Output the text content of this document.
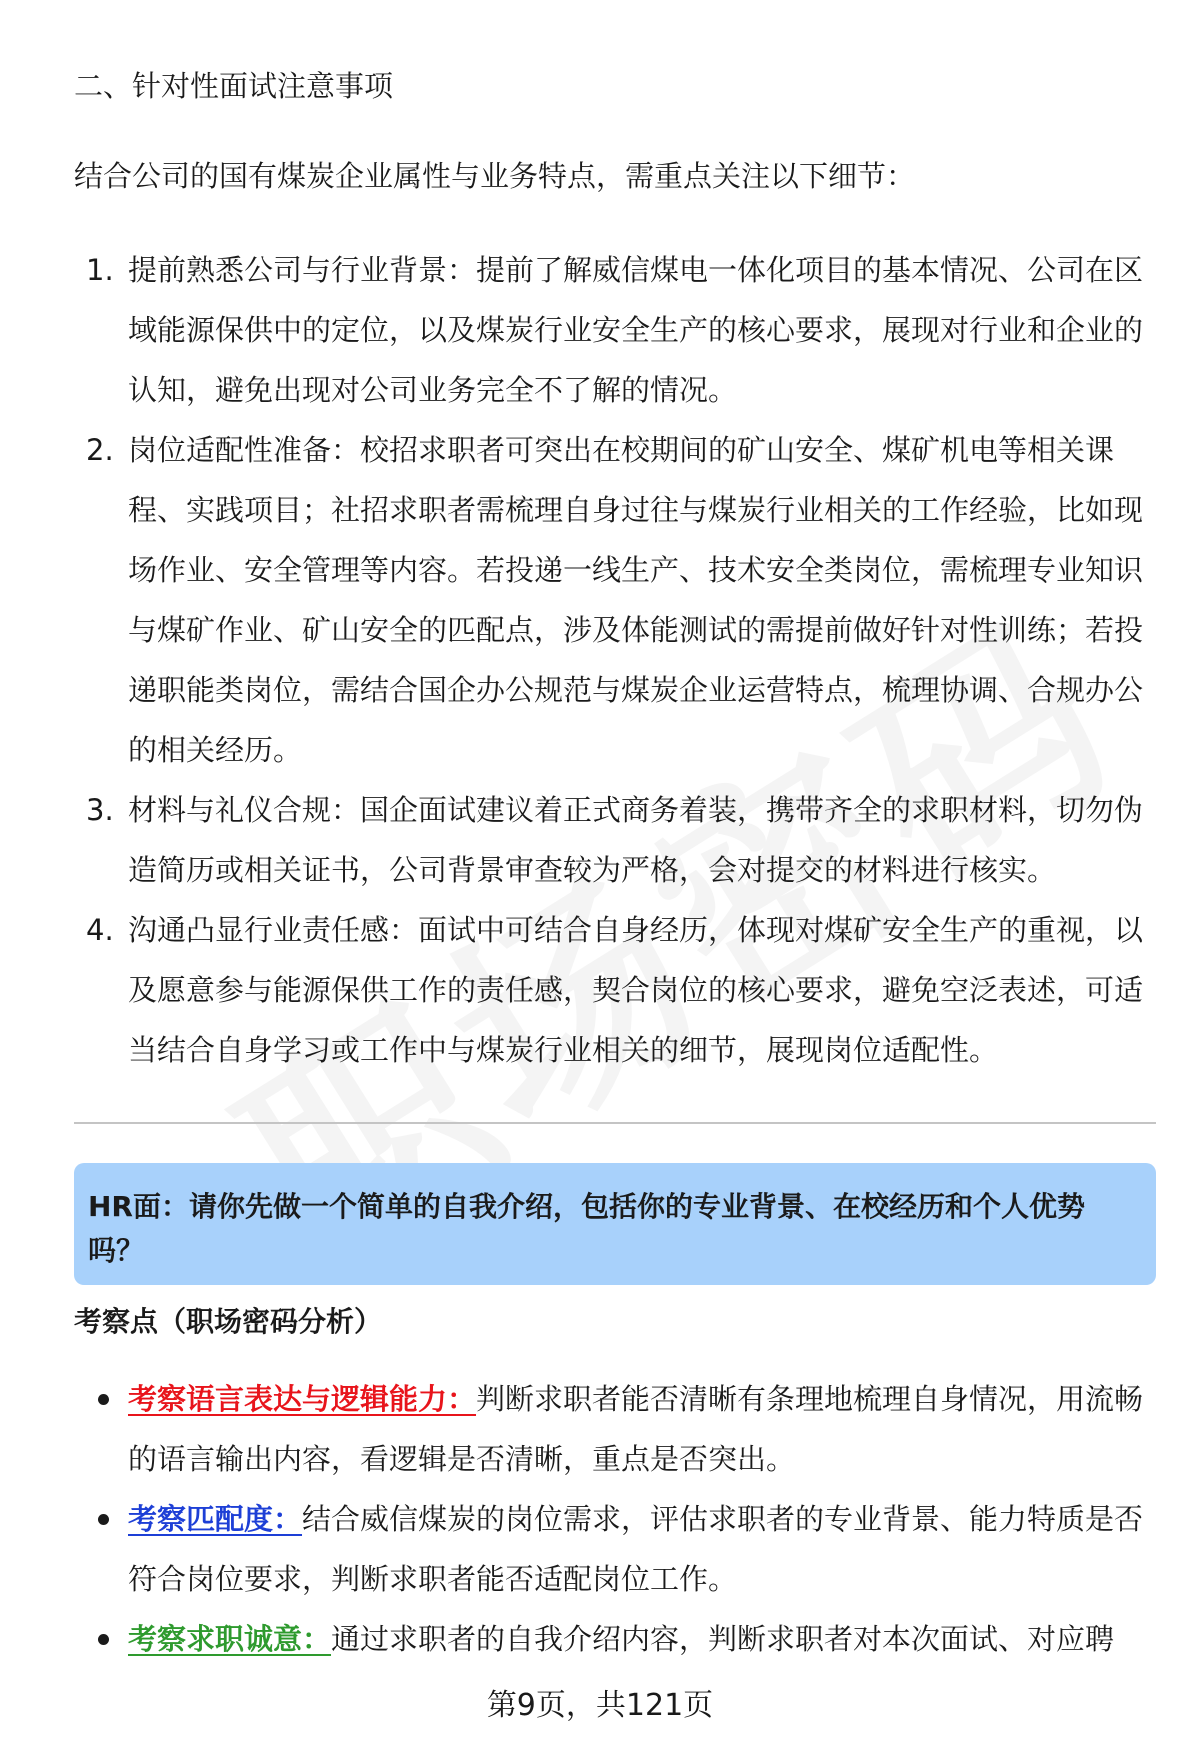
二、针对性面试注意事项
结合公司的国有煤炭企业属性与业务特点，需重点关注以下细节：
1. 提前熟悉公司与行业背景：提前了解威信煤电一体化项目的基本情况、公司在区域能源保供中的定位，以及煤炭行业安全生产的核心要求，展现对行业和企业的认知，避免出现对公司业务完全不了解的情况。
2. 岗位适配性准备：校招求职者可突出在校期间的矿山安全、煤矿机电等相关课程、实践项目；社招求职者需梳理自身过往与煤炭行业相关的工作经验，比如现场作业、安全管理等内容。若投递一线生产、技术安全类岗位，需梳理专业知识与煤矿作业、矿山安全的匹配点，涉及体能测试的需提前做好针对性训练；若投递职能类岗位，需结合国企办公规范与煤炭企业运营特点，梳理协调、合规办公的相关经历。
3. 材料与礼仪合规：国企面试建议着正式商务着装，携带齐全的求职材料，切勿伪造简历或相关证书，公司背景审查较为严格，会对提交的材料进行核实。
4. 沟通凸显行业责任感：面试中可结合自身经历，体现对煤矿安全生产的重视，以及愿意参与能源保供工作的责任感，契合岗位的核心要求，避免空泛表述，可适当结合自身学习或工作中与煤炭行业相关的细节，展现岗位适配性。
HR面：请你先做一个简单的自我介绍，包括你的专业背景、在校经历和个人优势吗？
考察点（职场密码分析）
考察语言表达与逻辑能力：判断求职者能否清晰有条理地梳理自身情况，用流畅的语言输出内容，看逻辑是否清晰，重点是否突出。
考察匹配度：结合威信煤炭的岗位需求，评估求职者的专业背景、能力特质是否符合岗位要求，判断求职者能否适配岗位工作。
考察求职诚意：通过求职者的自我介绍内容，判断求职者对本次面试、对应聘
第9页，共121页
